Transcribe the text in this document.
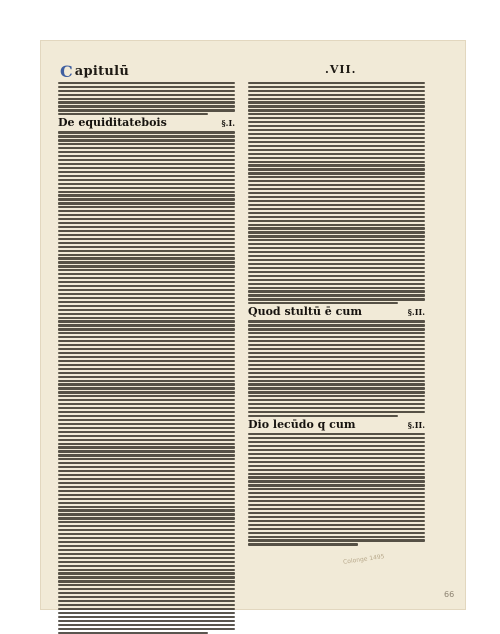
C apitulū	.VII.
De equiditatebois	§.I.
Quod stultū ē cum	§.II.
Dio lecūdo q cum	§.II.
Colonge 1495
66
